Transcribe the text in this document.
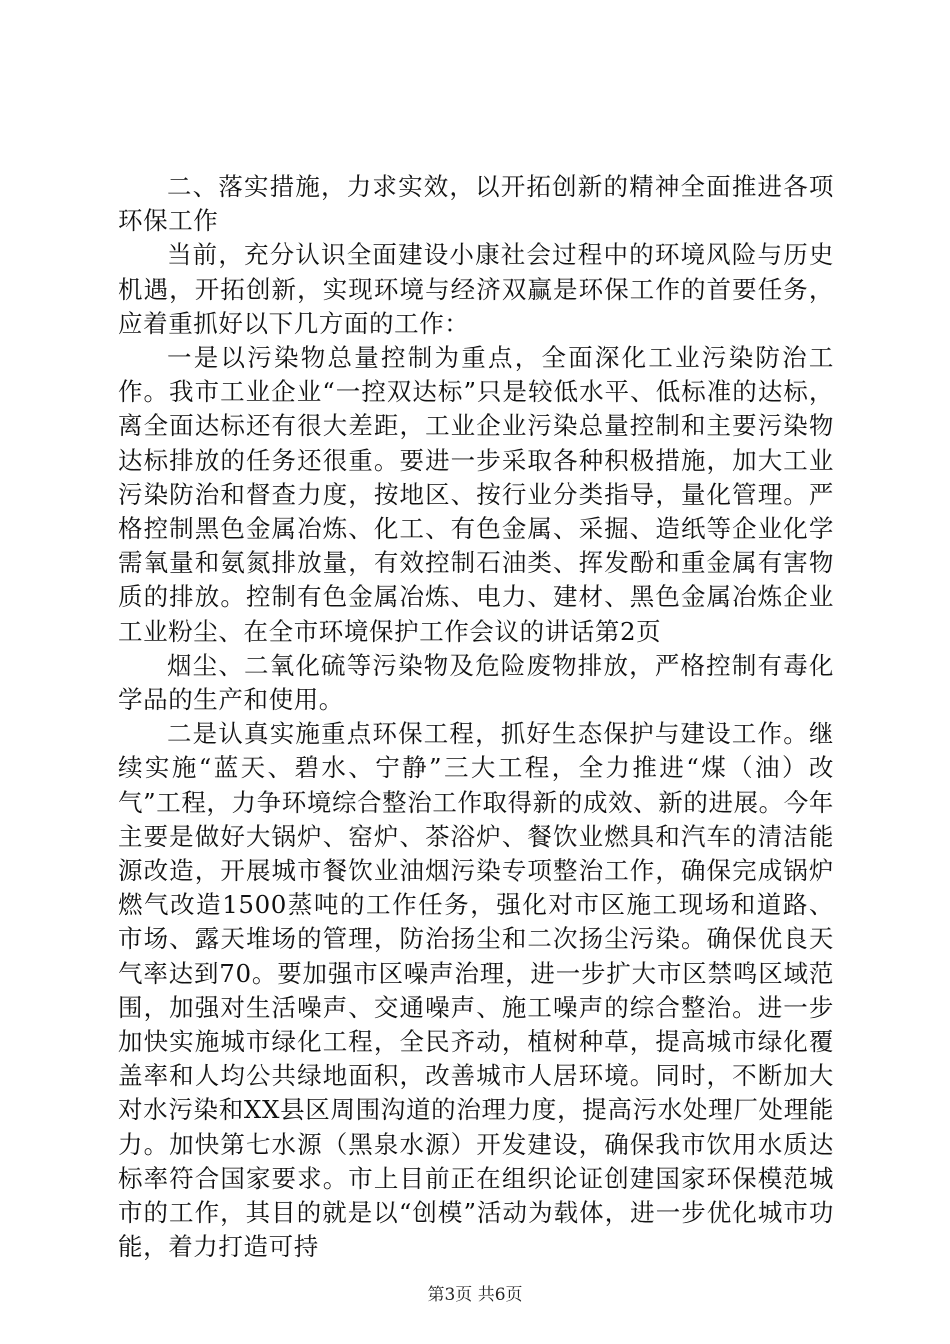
二、落实措施，力求实效，以开拓创新的精神全面推进各项环保工作

当前，充分认识全面建设小康社会过程中的环境风险与历史机遇，开拓创新，实现环境与经济双赢是环保工作的首要任务，应着重抓好以下几方面的工作：

一是以污染物总量控制为重点，全面深化工业污染防治工作。我市工业企业“一控双达标”只是较低水平、低标准的达标，离全面达标还有很大差距，工业企业污染总量控制和主要污染物达标排放的任务还很重。要进一步采取各种积极措施，加大工业污染防治和督查力度，按地区、按行业分类指导，量化管理。严格控制黑色金属冶炼、化工、有色金属、采掘、造纸等企业化学需氧量和氨氮排放量，有效控制石油类、挥发酚和重金属有害物质的排放。控制有色金属冶炼、电力、建材、黑色金属冶炼企业工业粉尘、在全市环境保护工作会议的讲话第2页

烟尘、二氧化硫等污染物及危险废物排放，严格控制有毒化学品的生产和使用。

二是认真实施重点环保工程，抓好生态保护与建设工作。继续实施“蓝天、碧水、宁静”三大工程，全力推进“煤（油）改气”工程，力争环境综合整治工作取得新的成效、新的进展。今年主要是做好大锅炉、窑炉、茶浴炉、餐饮业燃具和汽车的清洁能源改造，开展城市餐饮业油烟污染专项整治工作，确保完成锅炉燃气改造1500蒸吨的工作任务，强化对市区施工现场和道路、市场、露天堆场的管理，防治扬尘和二次扬尘污染。确保优良天气率达到70。要加强市区噪声治理，进一步扩大市区禁鸣区域范围，加强对生活噪声、交通噪声、施工噪声的综合整治。进一步加快实施城市绿化工程，全民齐动，植树种草，提高城市绿化覆盖率和人均公共绿地面积，改善城市人居环境。同时，不断加大对水污染和XX县区周围沟道的治理力度，提高污水处理厂处理能力。加快第七水源（黑泉水源）开发建设，确保我市饮用水质达标率符合国家要求。市上目前正在组织论证创建国家环保模范城市的工作，其目的就是以“创模”活动为载体，进一步优化城市功能，着力打造可持

第3页 共6页
